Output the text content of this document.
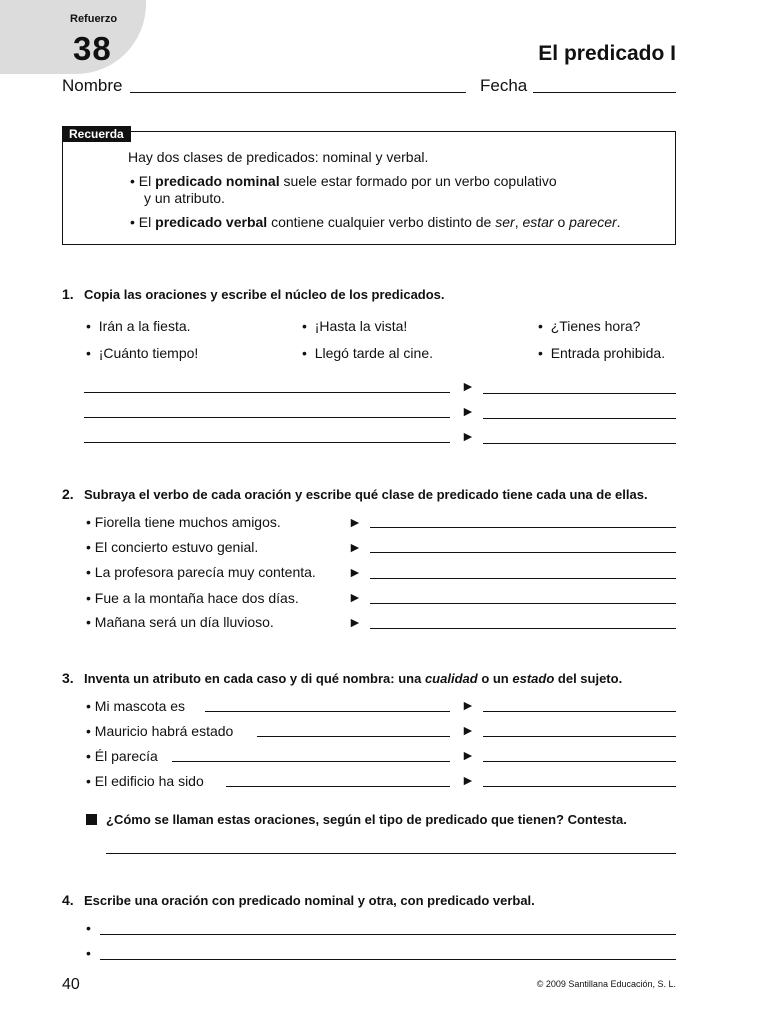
Refuerzo
38	El predicado I
Nombre	Fecha
Recuerda
Hay dos clases de predicados: nominal y verbal.
• El predicado nominal suele estar formado por un verbo copulativo
y un atributo.
• El predicado verbal contiene cualquier verbo distinto de ser, estar o parecer.
1. Copia las oraciones y escribe el núcleo de los predicados.
•  Irán a la fiesta.	•  ¡Hasta la vista!	•  ¿Tienes hora?
•  ¡Cuánto tiempo!	•  Llegó tarde al cine.	•  Entrada prohibida.
►
►
►
2. Subraya el verbo de cada oración y escribe qué clase de predicado tiene cada una de ellas.
• Fiorella tiene muchos amigos.	►
• El concierto estuvo genial.	►
• La profesora parecía muy contenta. ►
• Fue a la montaña hace dos días.	►
• Mañana será un día lluvioso.	►
3. Inventa un atributo en cada caso y di qué nombra: una cualidad o un estado del sujeto.
• Mi mascota es	►
• Mauricio habrá estado	►
• Él parecía	►
• El edificio ha sido	►
¿Cómo se llaman estas oraciones, según el tipo de predicado que tienen? Contesta.
4. Escribe una oración con predicado nominal y otra, con predicado verbal.
•
•
40	© 2009 Santillana Educación, S. L.
